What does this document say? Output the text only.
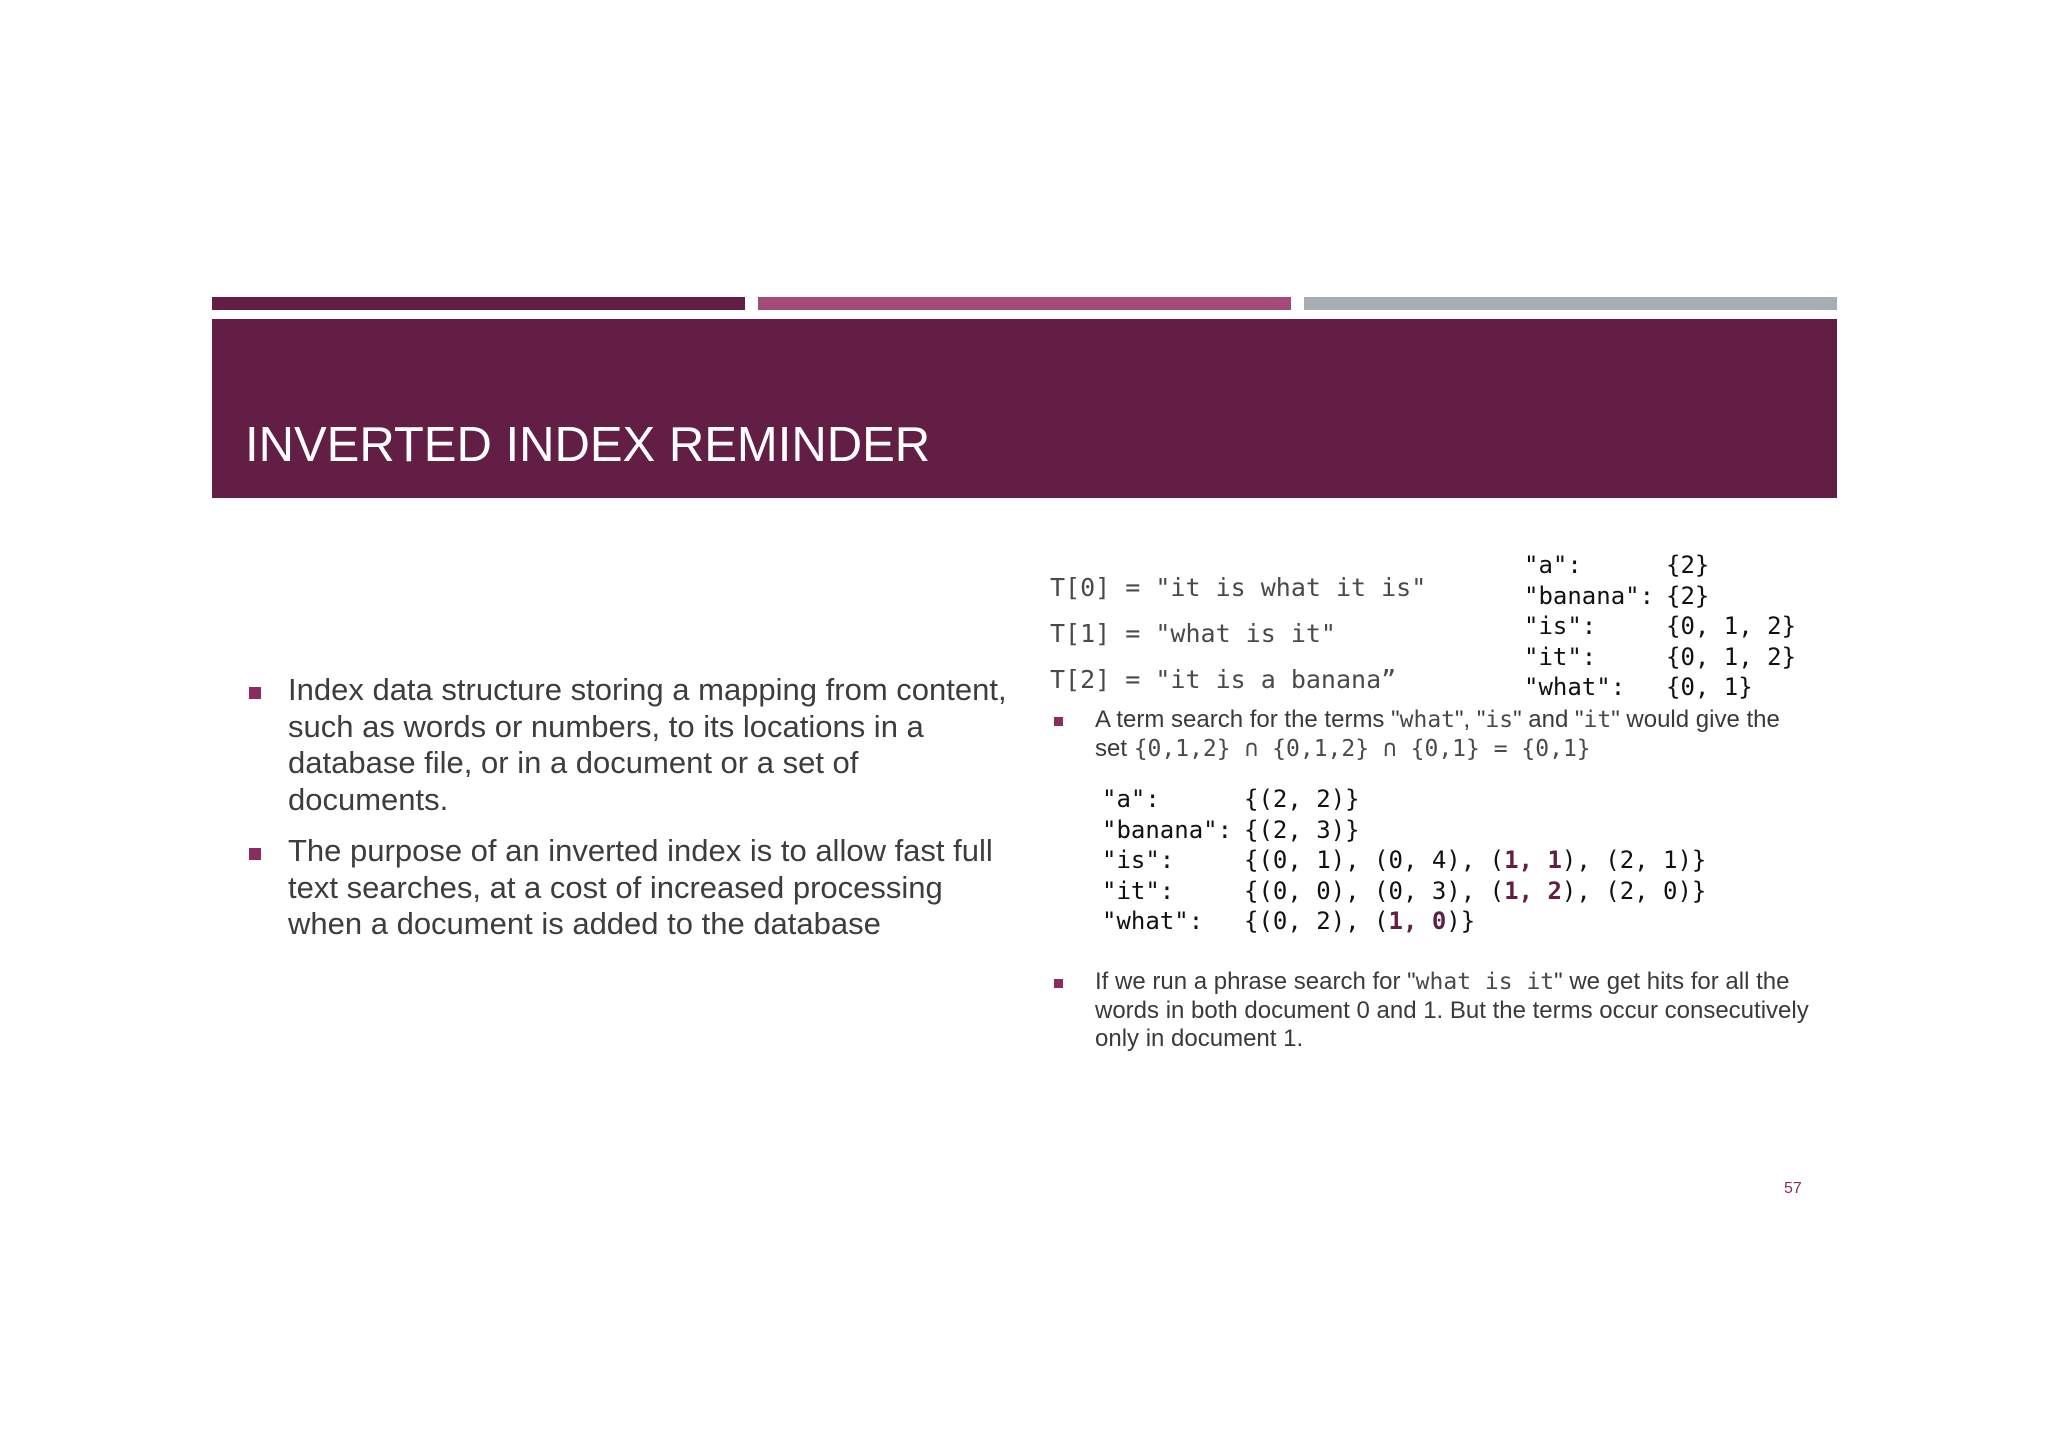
INVERTED INDEX REMINDER
Index data structure storing a mapping from content, such as words or numbers, to its locations in a database file, or in a document or a set of documents.
The purpose of an inverted index is to allow fast full text searches, at a cost of increased processing when a document is added to the database
T[0] = "it is what it is"
T[1] = "what is it"
T[2] = "it is a banana”
"a":	{2}
"banana": {2}
"is":	{0, 1, 2}
"it":	{0, 1, 2}
"what":	{0, 1}
A term search for the terms "what", "is" and "it" would give the set {0,1,2} ∩ {0,1,2} ∩ {0,1} = {0,1}
"a":	{(2, 2)}
"banana": {(2, 3)}
"is":	{(0, 1), (0, 4), (1, 1), (2, 1)}
"it":	{(0, 0), (0, 3), (1, 2), (2, 0)}
"what":	{(0, 2), (1, 0)}
If we run a phrase search for "what is it" we get hits for all the words in both document 0 and 1. But the terms occur consecutively only in document 1.
57
